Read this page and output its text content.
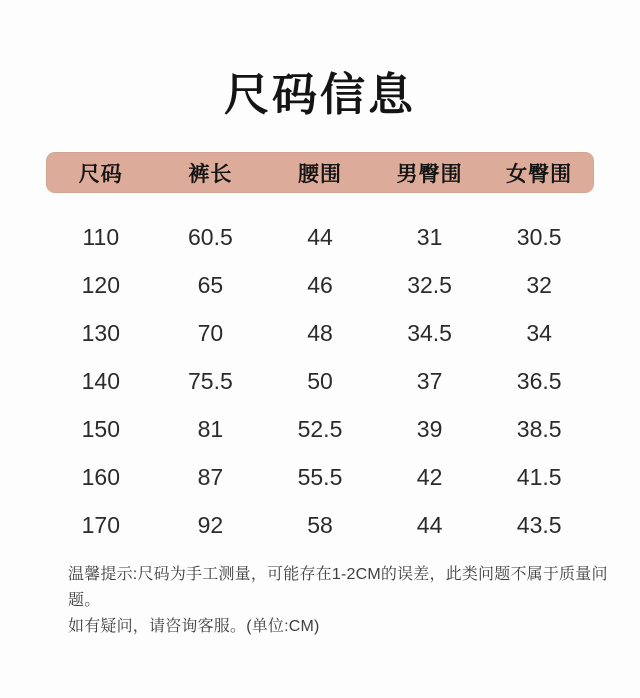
尺码信息
尺码	裤长	腰围	男臀围	女臀围
110	60.5	44	31	30.5
120	65	46	32.5	32
130	70	48	34.5	34
140	75.5	50	37	36.5
150	81	52.5	39	38.5
160	87	55.5	42	41.5
170	92	58	44	43.5
温馨提示:尺码为手工测量，可能存在1-2CM的误差，此类问题不属于质量问题。
如有疑问，请咨询客服。(单位:CM)
